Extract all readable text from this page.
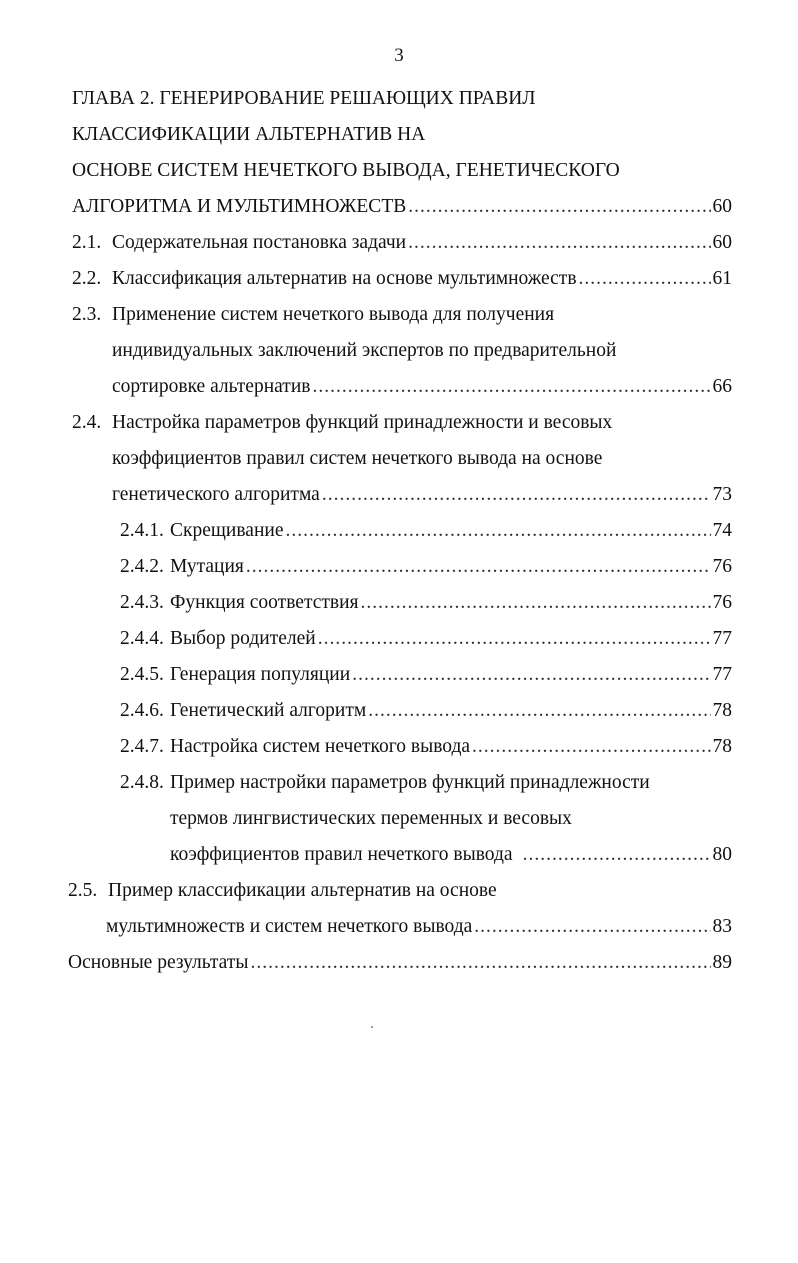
3
ГЛАВА 2. ГЕНЕРИРОВАНИЕ РЕШАЮЩИХ ПРАВИЛ
КЛАССИФИКАЦИИ АЛЬТЕРНАТИВ НА
ОСНОВЕ СИСТЕМ НЕЧЕТКОГО ВЫВОДА, ГЕНЕТИЧЕСКОГО
АЛГОРИТМА И МУЛЬТИМНОЖЕСТВ .....	60
2.1. Содержательная постановка задачи .....	60
2.2. Классификация альтернатив на основе мультимножеств .....	61
2.3. Применение систем нечеткого вывода для получения
индивидуальных заключений экспертов по предварительной
сортировке альтернатив .....	66
2.4. Настройка параметров функций принадлежности и весовых
коэффициентов правил систем нечеткого вывода на основе
генетического алгоритма .....	73
2.4.1. Скрещивание .....	74
2.4.2. Мутация .....	76
2.4.3. Функция соответствия .....	76
2.4.4. Выбор родителей .....	77
2.4.5. Генерация популяции .....	77
2.4.6. Генетический алгоритм .....	78
2.4.7. Настройка систем нечеткого вывода .....	78
2.4.8. Пример настройки параметров функций принадлежности
термов лингвистических переменных и весовых
коэффициентов правил нечеткого вывода .....	80
2.5. Пример классификации альтернатив на основе
мультимножеств и систем нечеткого вывода .....	83
Основные результаты .....	89
